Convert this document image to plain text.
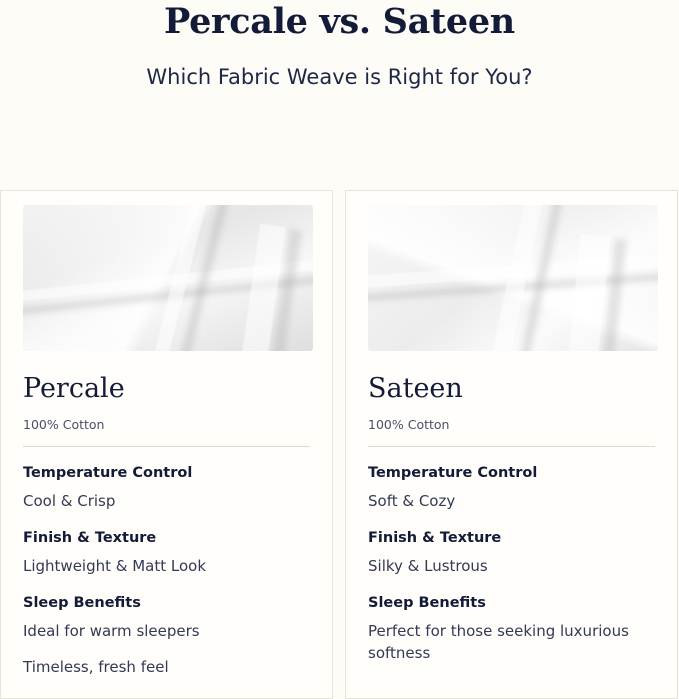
Percale vs. Sateen

Which Fabric Weave is Right for You?

Percale
100% Cotton
Temperature Control
Cool & Crisp
Finish & Texture
Lightweight & Matt Look
Sleep Benefits
Ideal for warm sleepers
Timeless, fresh feel
Sateen
100% Cotton
Temperature Control
Soft & Cozy
Finish & Texture
Silky & Lustrous
Sleep Benefits
Perfect for those seeking luxurious softness
